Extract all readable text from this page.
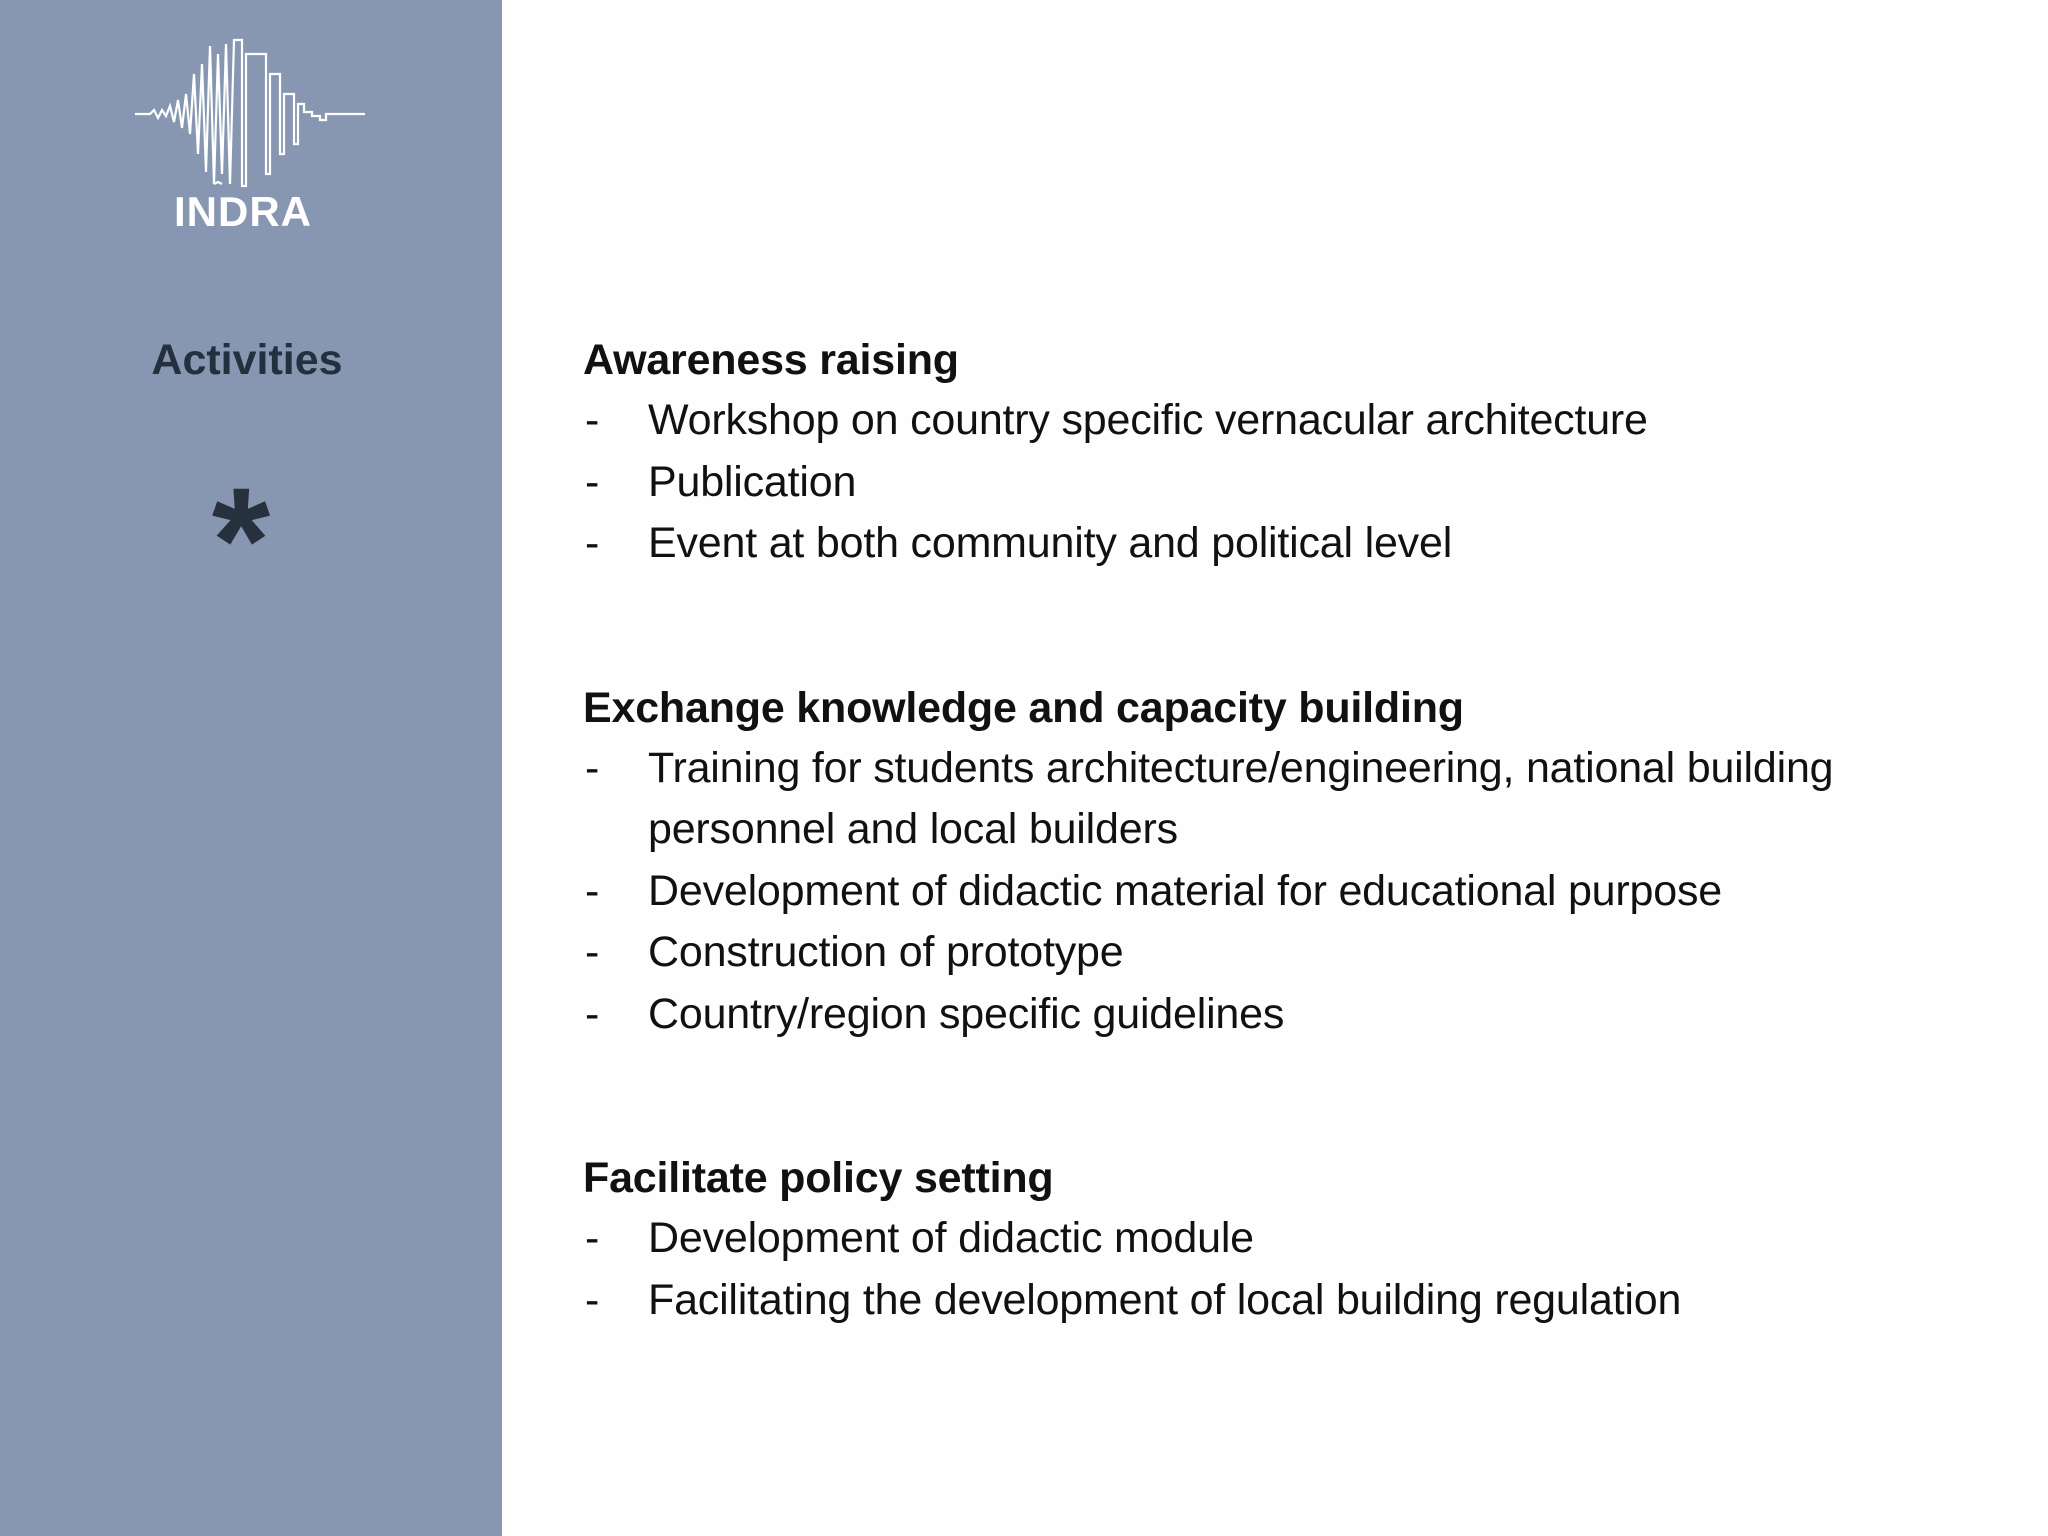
INDRA
Activities
*
Awareness raising
- Workshop on country specific vernacular architecture
- Publication
- Event at both community and political level
Exchange knowledge and capacity building
- Training for students architecture/engineering, national building personnel and local builders
- Development of didactic material for educational purpose
- Construction of prototype
- Country/region specific guidelines
Facilitate policy setting
- Development of didactic module
- Facilitating the development of local building regulation
